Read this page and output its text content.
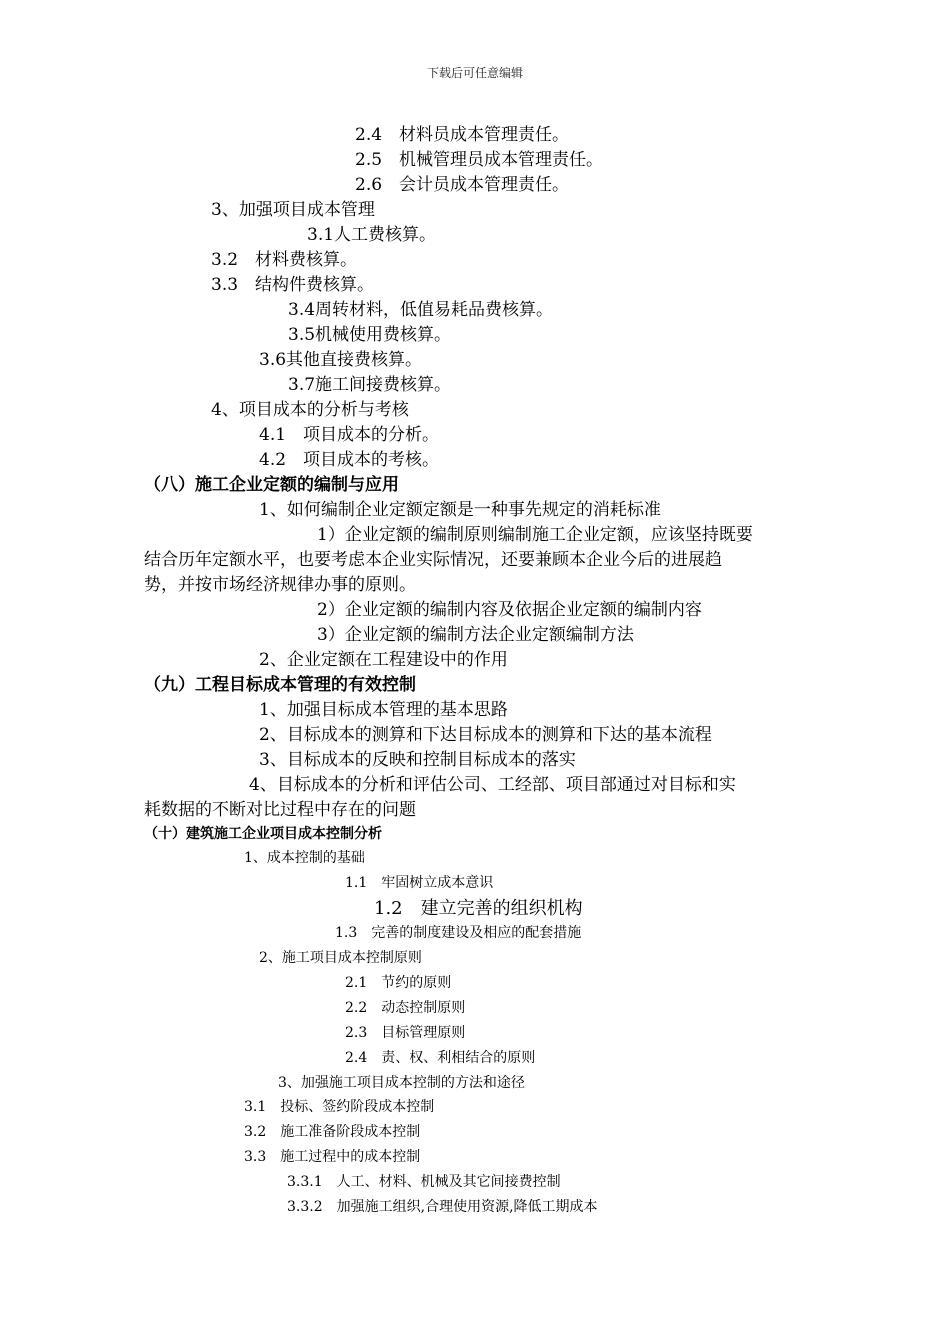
下载后可任意编辑
2.4　材料员成本管理责任。
2.5　机械管理员成本管理责任。
2.6　会计员成本管理责任。
3、加强项目成本管理
3.1人工费核算。
3.2　材料费核算。
3.3　结构件费核算。
3.4周转材料，低值易耗品费核算。
3.5机械使用费核算。
3.6其他直接费核算。
3.7施工间接费核算。
4、项目成本的分析与考核
4.1　项目成本的分析。
4.2　项目成本的考核。
（八）施工企业定额的编制与应用
1、如何编制企业定额定额是一种事先规定的消耗标准
1）企业定额的编制原则编制施工企业定额，应该坚持既要
结合历年定额水平，也要考虑本企业实际情况，还要兼顾本企业今后的进展趋
势，并按市场经济规律办事的原则。
2）企业定额的编制内容及依据企业定额的编制内容
3）企业定额的编制方法企业定额编制方法
2、企业定额在工程建设中的作用
（九）工程目标成本管理的有效控制
1、加强目标成本管理的基本思路
2、目标成本的测算和下达目标成本的测算和下达的基本流程
3、目标成本的反映和控制目标成本的落实
4、目标成本的分析和评估公司、工经部、项目部通过对目标和实
耗数据的不断对比过程中存在的问题
（十）建筑施工企业项目成本控制分析
1、成本控制的基础
1.1　牢固树立成本意识
1.2　建立完善的组织机构
1.3　完善的制度建设及相应的配套措施
2、施工项目成本控制原则
2.1　节约的原则
2.2　动态控制原则
2.3　目标管理原则
2.4　责、权、利相结合的原则
3、加强施工项目成本控制的方法和途径
3.1　投标、签约阶段成本控制
3.2　施工准备阶段成本控制
3.3　施工过程中的成本控制
3.3.1　人工、材料、机械及其它间接费控制
3.3.2　加强施工组织,合理使用资源,降低工期成本
